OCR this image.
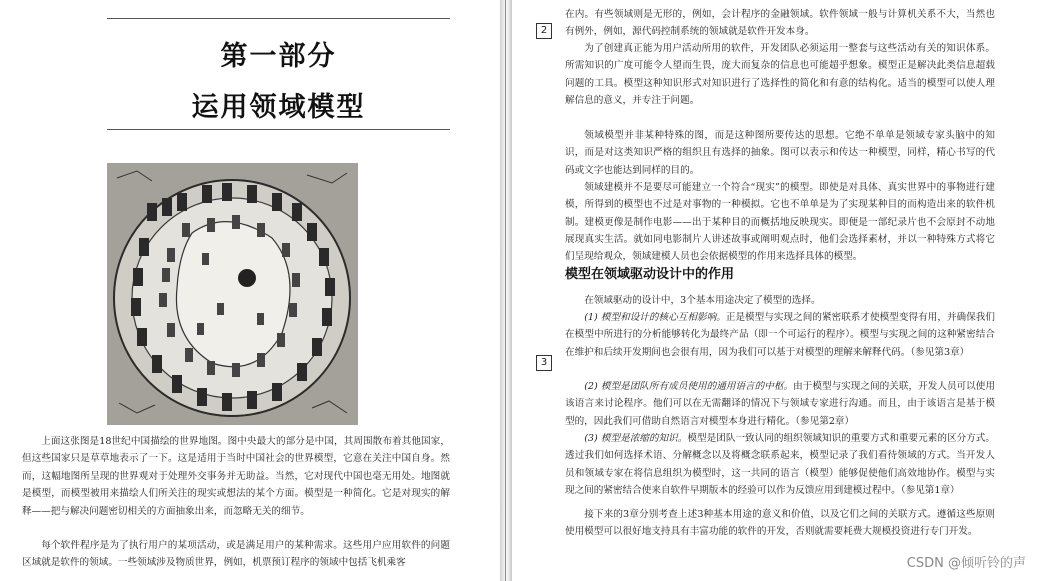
第一部分
运用领域模型

上面这张图是18世纪中国描绘的世界地图。图中央最大的部分是中国，其周围散布着其他国家，但这些国家只是草草地表示了一下。这是适用于当时中国社会的世界模型，它意在关注中国自身。然而，这幅地图所呈现的世界观对于处理外交事务并无助益。当然，它对现代中国也毫无用处。地图就是模型，而模型被用来描绘人们所关注的现实或想法的某个方面。模型是一种简化。它是对现实的解释——把与解决问题密切相关的方面抽象出来，而忽略无关的细节。

每个软件程序是为了执行用户的某项活动，或是满足用户的某种需求。这些用户应用软件的问题区域就是软件的领域。一些领域涉及物质世界，例如，机票预订程序的领域中包括飞机乘客

2
3

在内。有些领域则是无形的，例如，会计程序的金融领域。软件领域一般与计算机关系不大，当然也有例外，例如，源代码控制系统的领域就是软件开发本身。

为了创建真正能为用户活动所用的软件，开发团队必须运用一整套与这些活动有关的知识体系。所需知识的广度可能令人望而生畏，庞大而复杂的信息也可能超乎想象。模型正是解决此类信息超载问题的工具。模型这种知识形式对知识进行了选择性的简化和有意的结构化。适当的模型可以使人理解信息的意义，并专注于问题。

领域模型并非某种特殊的图，而是这种图所要传达的思想。它绝不单单是领域专家头脑中的知识，而是对这类知识严格的组织且有选择的抽象。图可以表示和传达一种模型，同样，精心书写的代码或文字也能达到同样的目的。

领域建模并不是要尽可能建立一个符合“现实”的模型。即使是对具体、真实世界中的事物进行建模，所得到的模型也不过是对事物的一种模拟。它也不单单是为了实现某种目的而构造出来的软件机制。建模更像是制作电影——出于某种目的而概括地反映现实。即便是一部纪录片也不会原封不动地展现真实生活。就如同电影制片人讲述故事或阐明观点时，他们会选择素材，并以一种特殊方式将它们呈现给观众，领域建模人员也会依据模型的作用来选择具体的模型。

模型在领域驱动设计中的作用

在领域驱动的设计中，3个基本用途决定了模型的选择。

(1) 模型和设计的核心互相影响。正是模型与实现之间的紧密联系才使模型变得有用，并确保我们在模型中所进行的分析能够转化为最终产品（即一个可运行的程序）。模型与实现之间的这种紧密结合在维护和后续开发期间也会很有用，因为我们可以基于对模型的理解来解释代码。（参见第3章）

(2) 模型是团队所有成员使用的通用语言的中枢。由于模型与实现之间的关联，开发人员可以使用该语言来讨论程序。他们可以在无需翻译的情况下与领域专家进行沟通。而且，由于该语言是基于模型的，因此我们可借助自然语言对模型本身进行精化。（参见第2章）

(3) 模型是浓缩的知识。模型是团队一致认同的组织领域知识的重要方式和重要元素的区分方式。透过我们如何选择术语、分解概念以及将概念联系起来，模型记录了我们看待领域的方式。当开发人员和领域专家在将信息组织为模型时，这一共同的语言（模型）能够促使他们高效地协作。模型与实现之间的紧密结合使来自软件早期版本的经验可以作为反馈应用到建模过程中。（参见第1章）

接下来的3章分别考查上述3种基本用途的意义和价值，以及它们之间的关联方式。遵循这些原则使用模型可以很好地支持具有丰富功能的软件的开发，否则就需要耗费大规模投资进行专门开发。

CSDN @倾听铃的声
